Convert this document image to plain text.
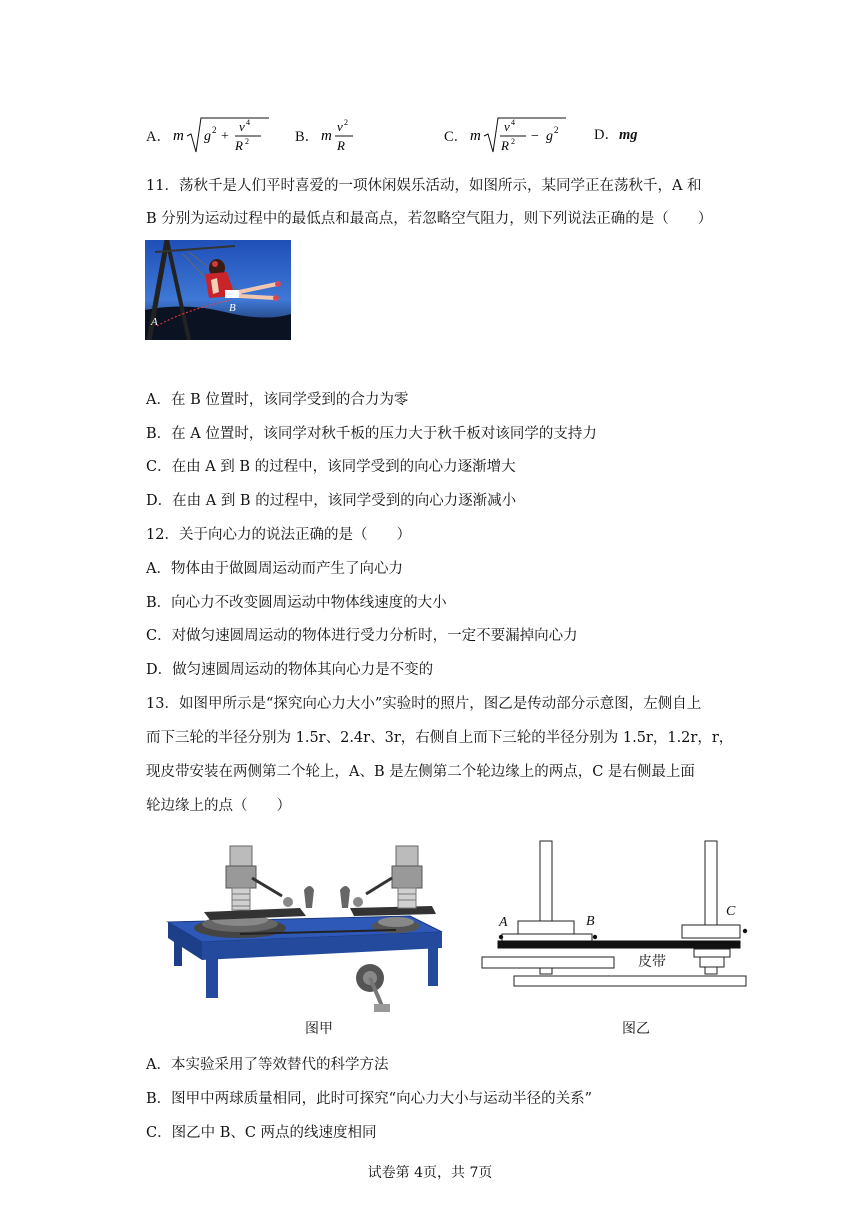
A． m g 2 +
v 4
R 2	B． m
v 2
R
C． m
v 4
R 2 − g 2 D．mg
11．荡秋千是人们平时喜爱的一项休闲娱乐活动，如图所示，某同学正在荡秋千，A 和
B 分别为运动过程中的最低点和最高点，若忽略空气阻力，则下列说法正确的是（　　）
A
B
A．在 B 位置时，该同学受到的合力为零
B．在 A 位置时，该同学对秋千板的压力大于秋千板对该同学的支持力
C．在由 A 到 B 的过程中，该同学受到的向心力逐渐增大
D．在由 A 到 B 的过程中，该同学受到的向心力逐渐减小
12．关于向心力的说法正确的是（　　）
A．物体由于做圆周运动而产生了向心力
B．向心力不改变圆周运动中物体线速度的大小
C．对做匀速圆周运动的物体进行受力分析时，一定不要漏掉向心力
D．做匀速圆周运动的物体其向心力是不变的
13．如图甲所示是“探究向心力大小”实验时的照片，图乙是传动部分示意图，左侧自上
而下三轮的半径分别为 1.5r、2.4r、3r，右侧自上而下三轮的半径分别为 1.5r，1.2r，r，
现皮带安装在两侧第二个轮上，A、B 是左侧第二个轮边缘上的两点，C 是右侧最上面
轮边缘上的点（　　）
图甲
A	B
C
皮带
图乙
A．本实验采用了等效替代的科学方法
B．图甲中两球质量相同，此时可探究“向心力大小与运动半径的关系”
C．图乙中 B、C 两点的线速度相同
试卷第 4页，共 7页
